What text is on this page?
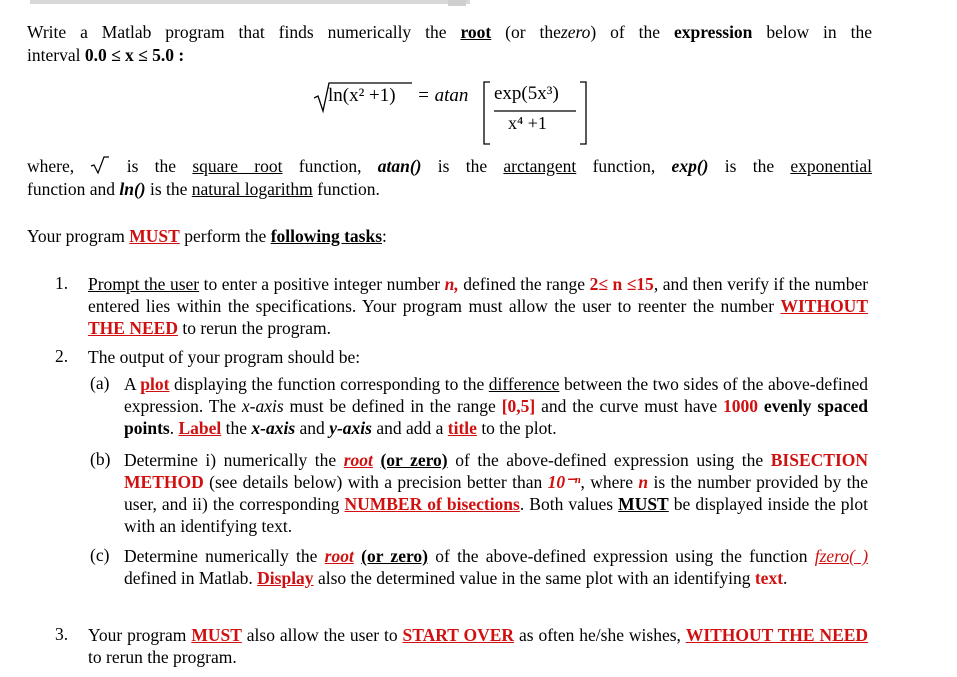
Write a Matlab program that finds numerically the root (or thezero) of the expression below in the
interval 0.0 ≤ x ≤ 5.0 :
ln(x² +1) = atan exp(5x³)
x⁴ +1
where,	is the square root function, atan() is the arctangent function, exp() is the exponential
function and ln() is the natural logarithm function.
Your program MUST perform the following tasks:
1. Prompt the user to enter a positive integer number n, defined the range 2≤ n ≤15, and then verify if the number entered lies within the specifications. Your program must allow the user to reenter the number WITHOUT THE NEED to rerun the program.
2. The output of your program should be:
(a) A plot displaying the function corresponding to the difference between the two sides of the above-defined expression. The x-axis must be defined in the range [0,5] and the curve must have 1000 evenly spaced points. Label the x-axis and y-axis and add a title to the plot.
(b) Determine i) numerically the root (or zero) of the above-defined expression using the BISECTION METHOD (see details below) with a precision better than 10⁻ⁿ, where n is the number provided by the user, and ii) the corresponding NUMBER of bisections. Both values MUST be displayed inside the plot with an identifying text.
(c) Determine numerically the root (or zero) of the above-defined expression using the function fzero( ) defined in Matlab. Display also the determined value in the same plot with an identifying text.
3. Your program MUST also allow the user to START OVER as often he/she wishes, WITHOUT THE NEED to rerun the program.
